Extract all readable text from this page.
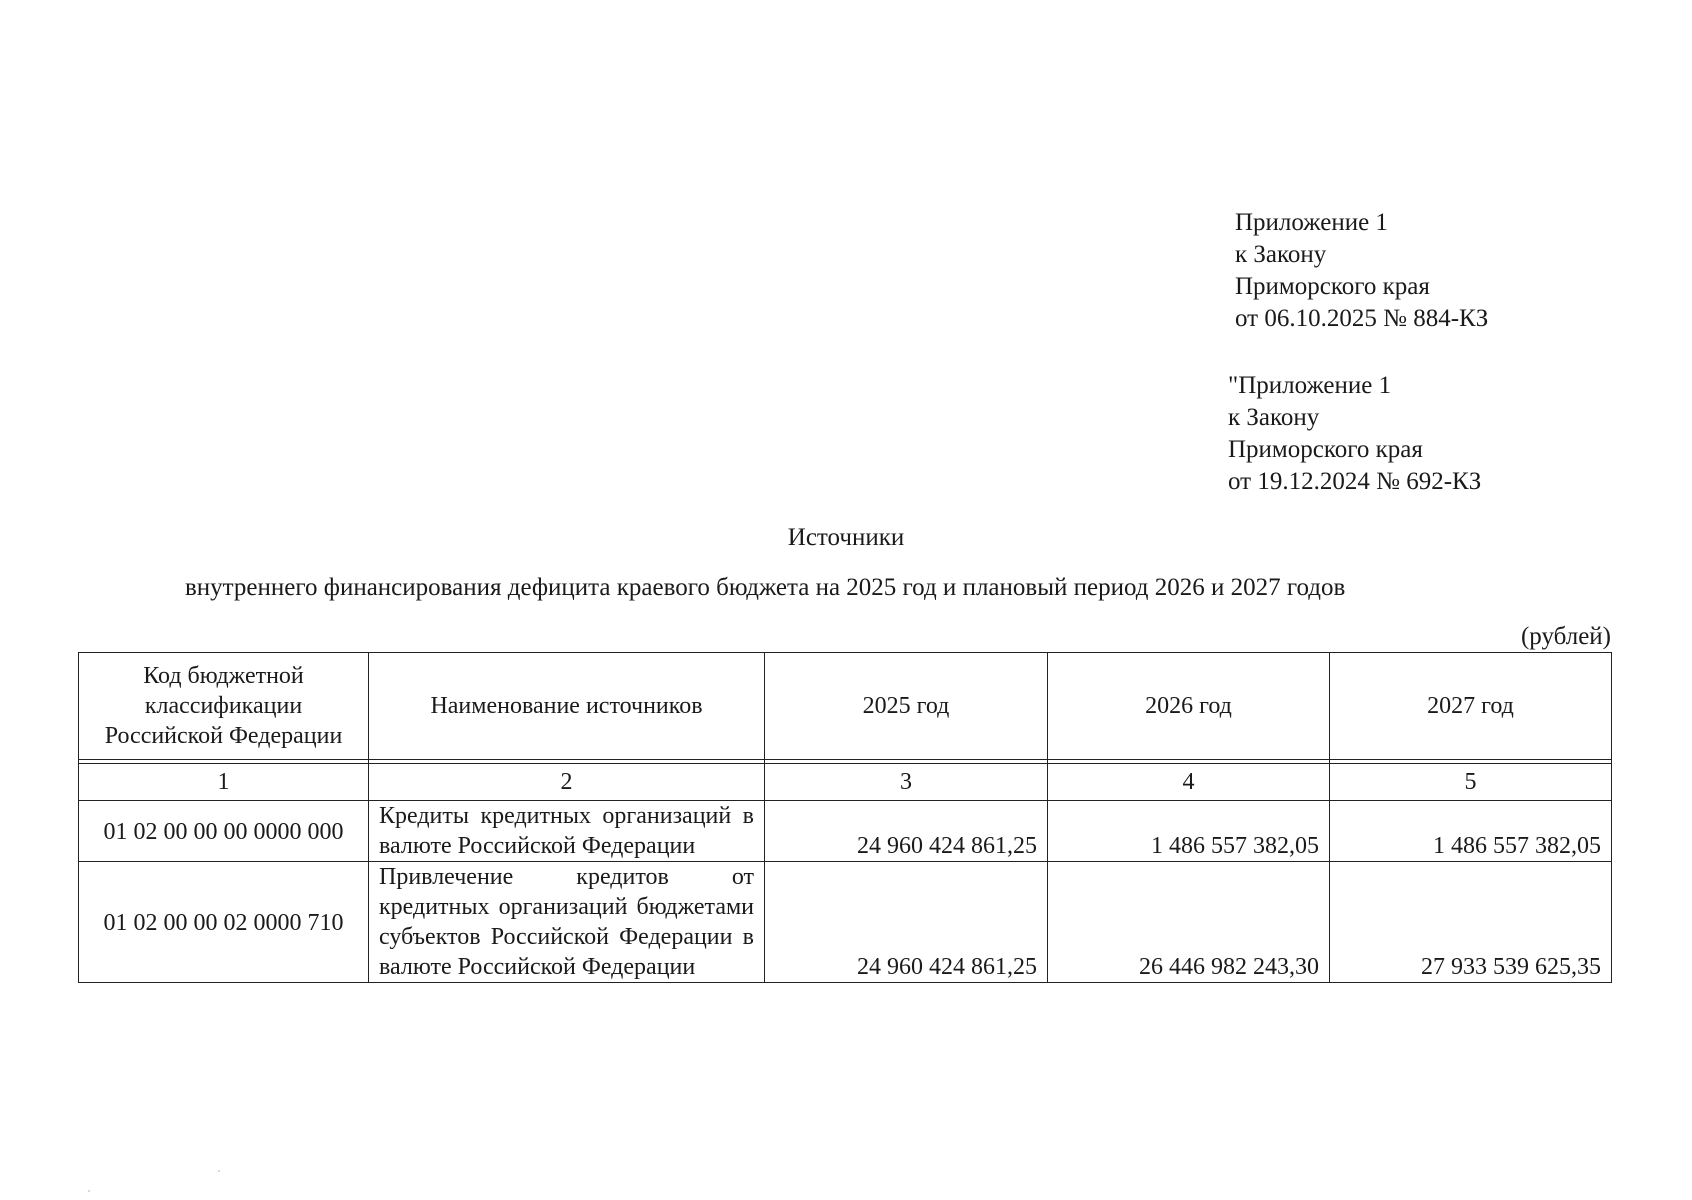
Приложение 1
к Закону
Приморского края
от 06.10.2025 № 884-КЗ
"Приложение 1
к Закону
Приморского края
от 19.12.2024 № 692-КЗ
Источники
внутреннего финансирования дефицита краевого бюджета на 2025 год и плановый период 2026 и 2027 годов
(рублей)
Код бюджетной классификации Российской Федерации	Наименование источников	2025 год	2026 год	2027 год

1	2	3	4	5
01 02 00 00 00 0000 000	Кредиты кредитных организаций в валюте Российской Федерации	24 960 424 861,25	1 486 557 382,05	1 486 557 382,05
01 02 00 00 02 0000 710	Привлечение кредитов от кредитных организаций бюджетами субъектов Российской Федерации в валюте Российской Федерации	24 960 424 861,25	26 446 982 243,30	27 933 539 625,35
